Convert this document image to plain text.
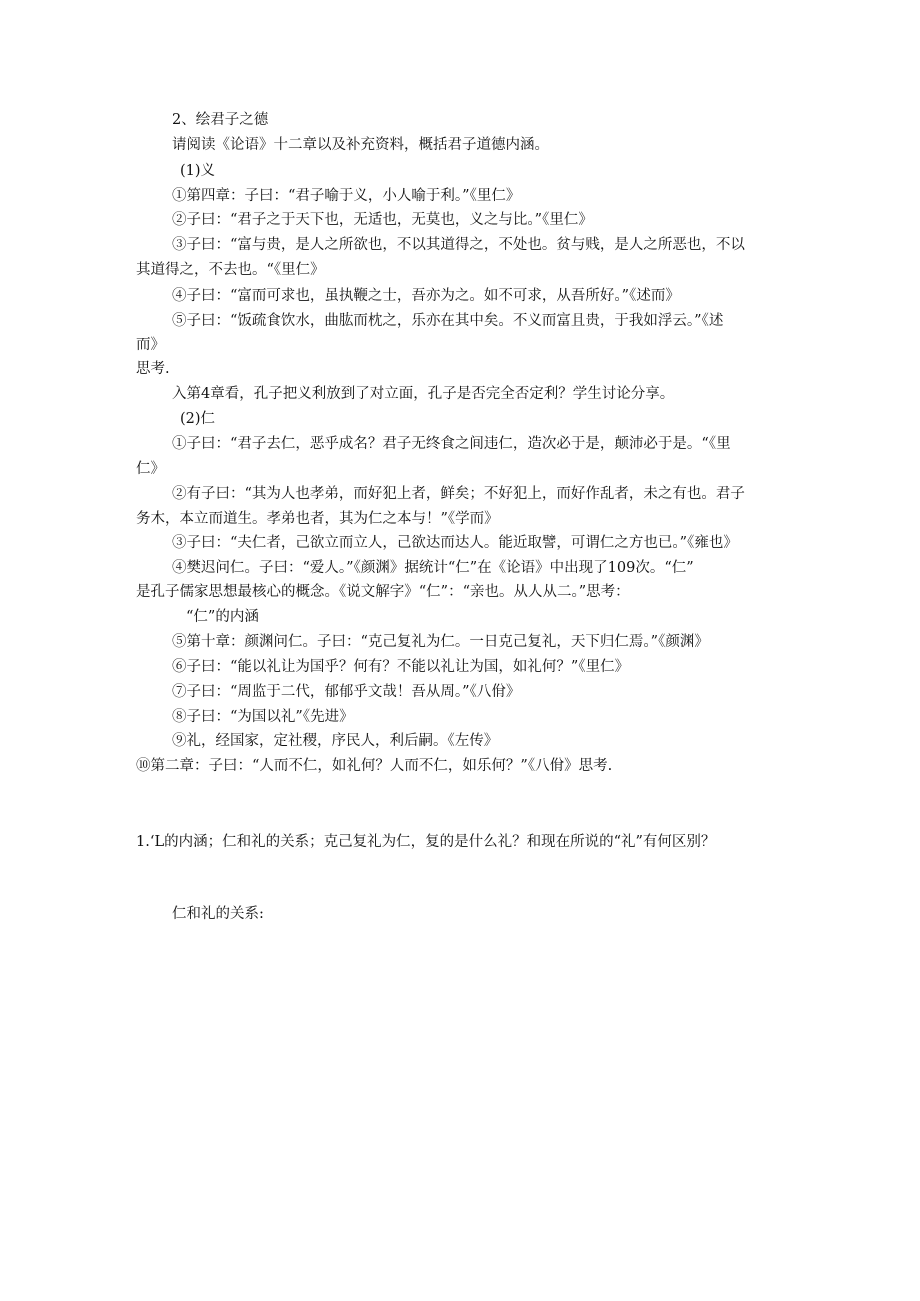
2、绘君子之德
请阅读《论语》十二章以及补充资料，概括君子道德内涵。
(1)义
①第四章：子曰：“君子喻于义，小人喻于利。”《里仁》
②子曰：“君子之于天下也，无适也，无莫也，义之与比。”《里仁》
③子曰：“富与贵，是人之所欲也，不以其道得之，不处也。贫与贱，是人之所恶也，不以
其道得之，不去也。“《里仁》
④子曰：“富而可求也，虽执鞭之士，吾亦为之。如不可求，从吾所好。”《述而》
⑤子曰：“饭疏食饮水，曲肱而枕之，乐亦在其中矣。不义而富且贵，于我如浮云。”《述
而》
思考.
入第4章看，孔子把义利放到了对立面，孔子是否完全否定利？学生讨论分享。
(2)仁
①子曰：“君子去仁，恶乎成名？君子无终食之间违仁，造次必于是，颠沛必于是。“《里
仁》
②有子曰：“其为人也孝弟，而好犯上者，鲜矣；不好犯上，而好作乱者，未之有也。君子
务木，本立而道生。孝弟也者，其为仁之本与！”《学而》
③子曰：“夫仁者，己欲立而立人，己欲达而达人。能近取譬，可谓仁之方也已。”《雍也》
④樊迟问仁。子曰：“爱人。”《颜渊》据统计“仁”在《论语》中出现了109次。“仁”
是孔子儒家思想最核心的概念。《说文解字》“仁”：“亲也。从人从二。”思考：
“仁”的内涵
⑤第十章：颜渊问仁。子曰：“克己复礼为仁。一日克己复礼，天下归仁焉。”《颜渊》
⑥子曰：“能以礼让为国乎？何有？不能以礼让为国，如礼何？”《里仁》
⑦子曰：“周监于二代，郁郁乎文哉！吾从周。”《八佾》
⑧子曰：“为国以礼”《先进》
⑨礼，经国家，定社稷，序民人，利后嗣。《左传》
⑩第二章：子曰：“人而不仁，如礼何？人而不仁，如乐何？”《八佾》思考.
1.‘L的内涵；仁和礼的关系；克己复礼为仁，复的是什么礼？和现在所说的“礼”有何区别？
仁和礼的关系:
